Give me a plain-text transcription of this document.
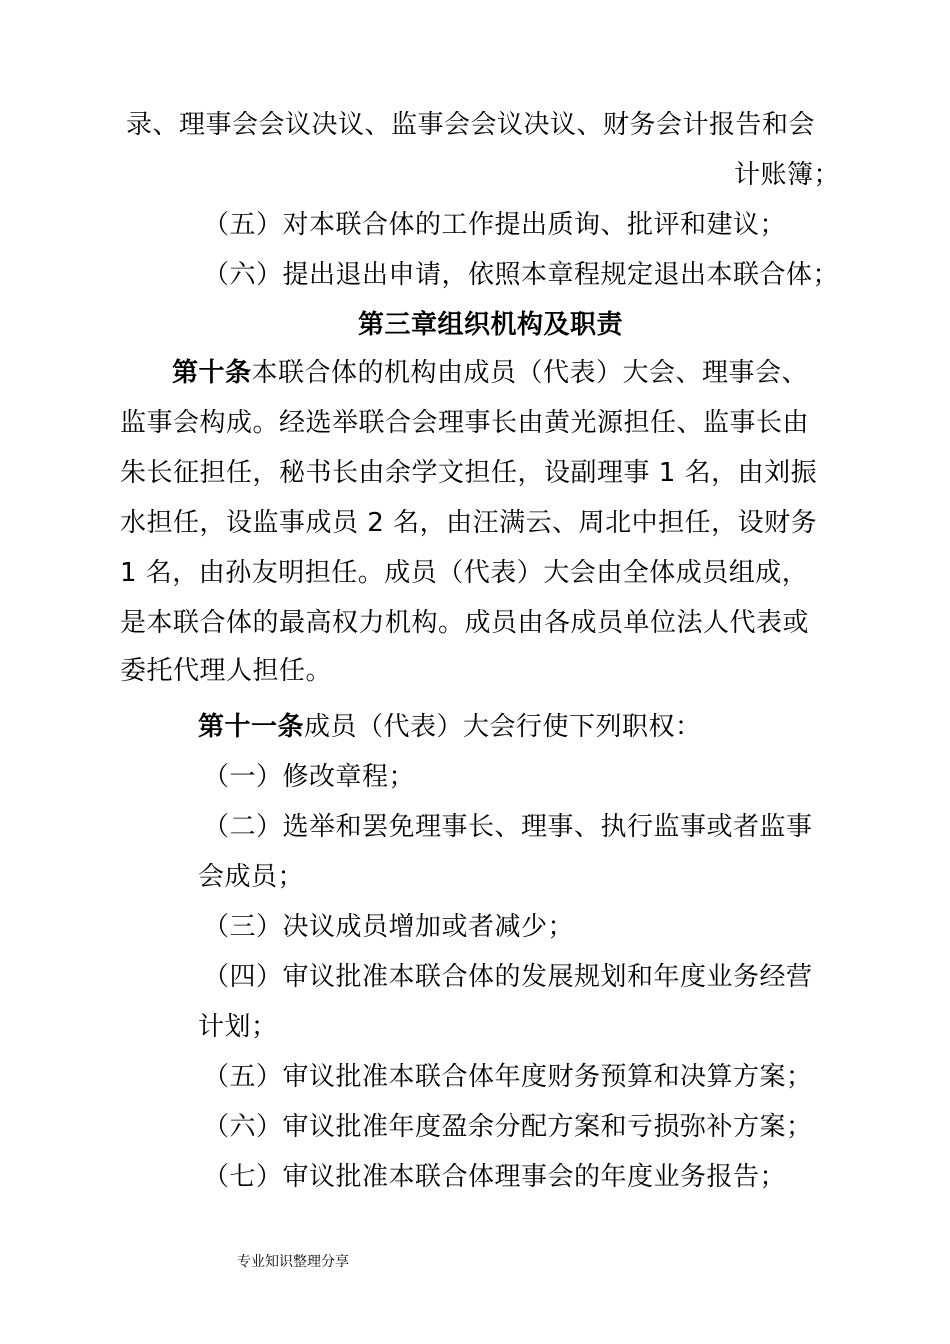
录、理事会会议决议、监事会会议决议、财务会计报告和会
计账簿；
（五）对本联合体的工作提出质询、批评和建议；
（六）提出退出申请，依照本章程规定退出本联合体；
第三章组织机构及职责
第十条本联合体的机构由成员（代表）大会、理事会、
监事会构成。经选举联合会理事长由黄光源担任、监事长由
朱长征担任，秘书长由余学文担任，设副理事 1 名，由刘振
水担任，设监事成员 2 名，由汪满云、周北中担任，设财务
1 名，由孙友明担任。成员（代表）大会由全体成员组成，
是本联合体的最高权力机构。成员由各成员单位法人代表或
委托代理人担任。
第十一条成员（代表）大会行使下列职权：
（一）修改章程；
（二）选举和罢免理事长、理事、执行监事或者监事
会成员；
（三）决议成员增加或者减少；
（四）审议批准本联合体的发展规划和年度业务经营
计划；
（五）审议批准本联合体年度财务预算和决算方案；
（六）审议批准年度盈余分配方案和亏损弥补方案；
（七）审议批准本联合体理事会的年度业务报告；
专业知识整理分享
